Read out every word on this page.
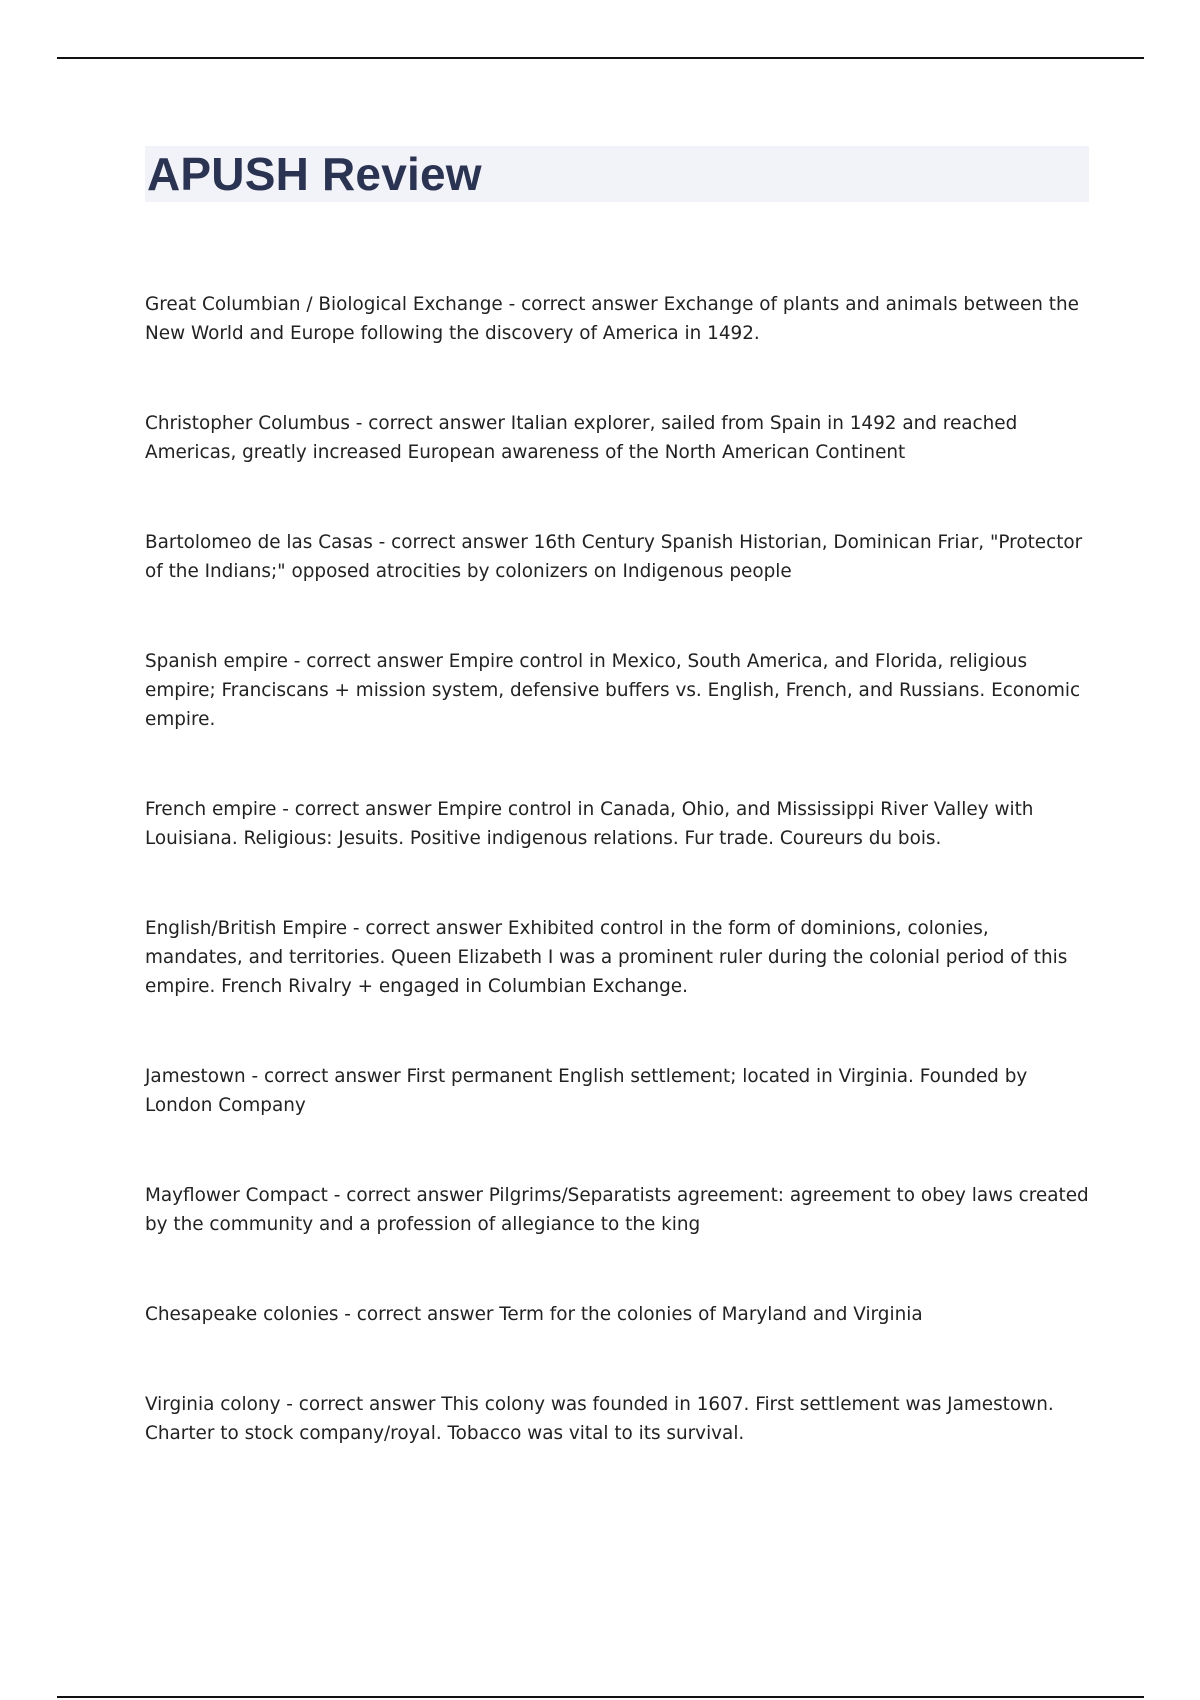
APUSH Review

Great Columbian / Biological Exchange - correct answer Exchange of plants and animals between the New World and Europe following the discovery of America in 1492.

Christopher Columbus - correct answer Italian explorer, sailed from Spain in 1492 and reached Americas, greatly increased European awareness of the North American Continent

Bartolomeo de las Casas - correct answer 16th Century Spanish Historian, Dominican Friar, "Protector of the Indians;" opposed atrocities by colonizers on Indigenous people

Spanish empire - correct answer Empire control in Mexico, South America, and Florida, religious empire; Franciscans + mission system, defensive buffers vs. English, French, and Russians. Economic empire.

French empire - correct answer Empire control in Canada, Ohio, and Mississippi River Valley with Louisiana. Religious: Jesuits. Positive indigenous relations. Fur trade. Coureurs du bois.

English/British Empire - correct answer Exhibited control in the form of dominions, colonies, mandates, and territories. Queen Elizabeth I was a prominent ruler during the colonial period of this empire. French Rivalry + engaged in Columbian Exchange.

Jamestown - correct answer First permanent English settlement; located in Virginia. Founded by London Company

Mayflower Compact - correct answer Pilgrims/Separatists agreement: agreement to obey laws created by the community and a profession of allegiance to the king

Chesapeake colonies - correct answer Term for the colonies of Maryland and Virginia

Virginia colony - correct answer This colony was founded in 1607. First settlement was Jamestown. Charter to stock company/royal. Tobacco was vital to its survival.
